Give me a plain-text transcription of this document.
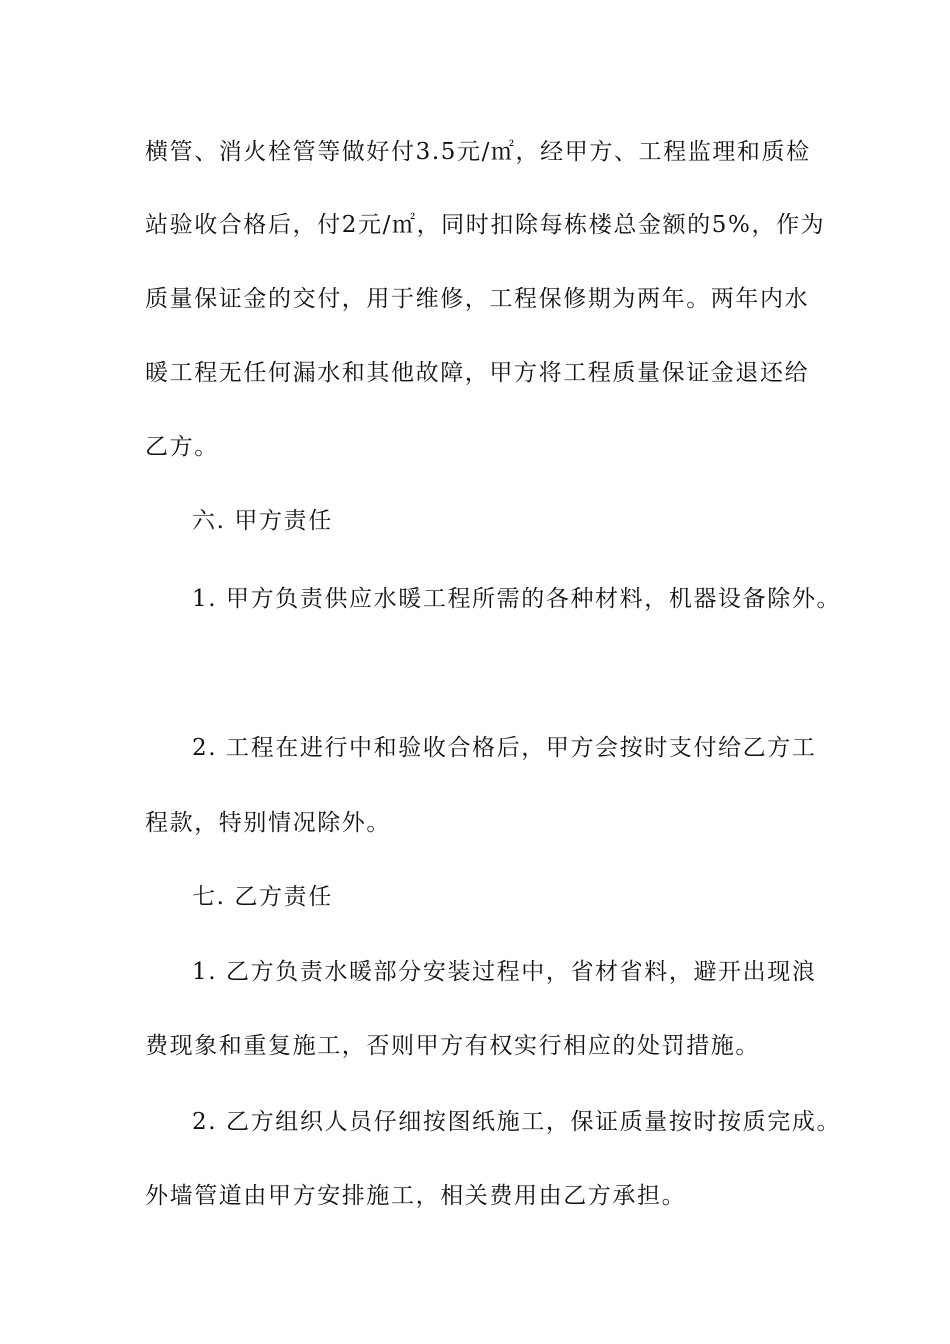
横管、消火栓管等做好付3.5元/㎡，经甲方、工程监理和质检
站验收合格后，付2元/㎡，同时扣除每栋楼总金额的5%，作为
质量保证金的交付，用于维修，工程保修期为两年。两年内水
暖工程无任何漏水和其他故障，甲方将工程质量保证金退还给
乙方。
六. 甲方责任
1. 甲方负责供应水暖工程所需的各种材料，机器设备除外。
2. 工程在进行中和验收合格后，甲方会按时支付给乙方工
程款，特别情况除外。
七. 乙方责任
1. 乙方负责水暖部分安装过程中，省材省料，避开出现浪
费现象和重复施工，否则甲方有权实行相应的处罚措施。
2. 乙方组织人员仔细按图纸施工，保证质量按时按质完成。
外墙管道由甲方安排施工，相关费用由乙方承担。
